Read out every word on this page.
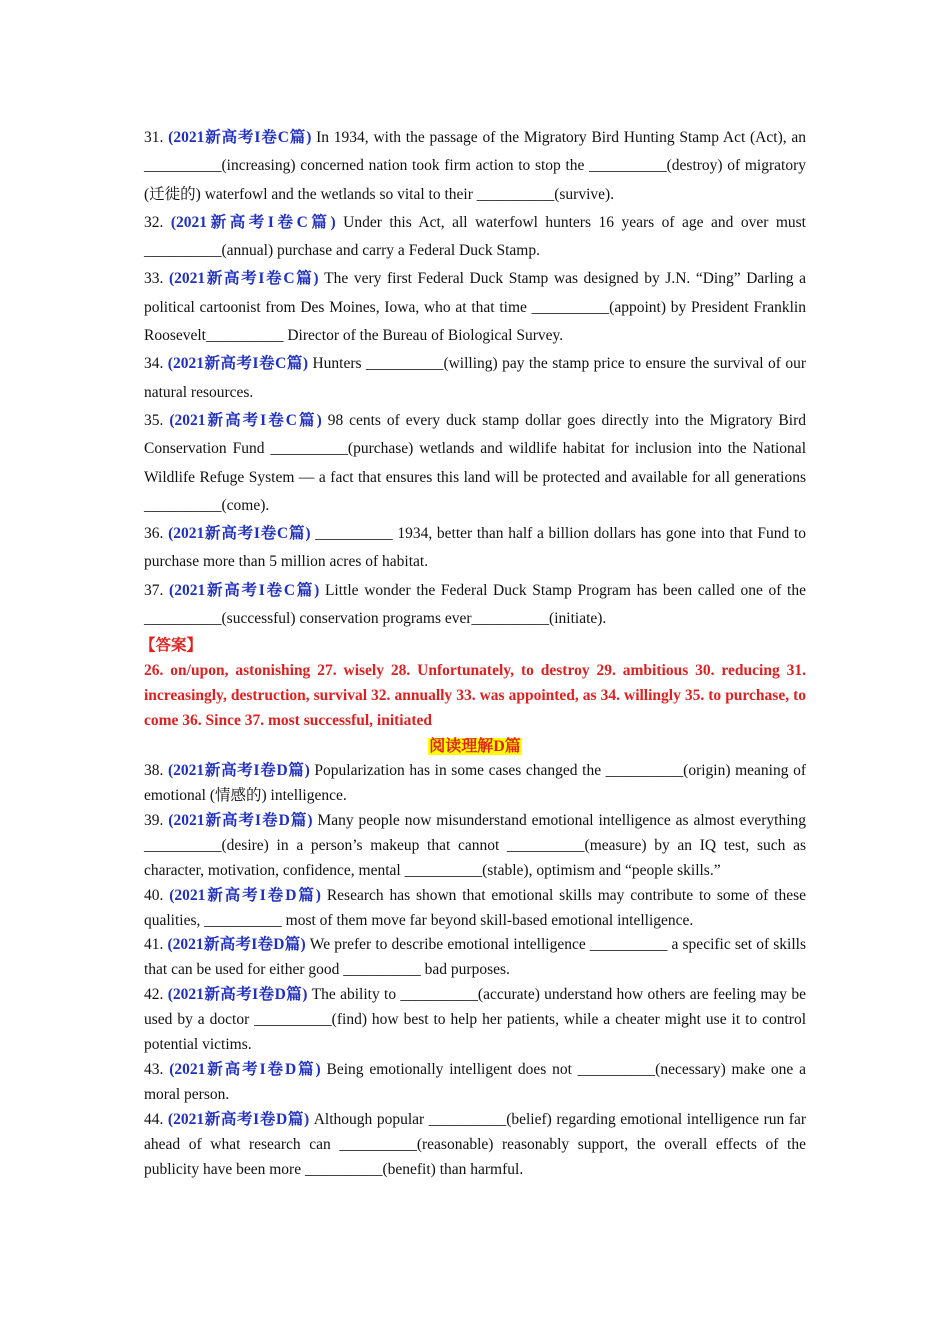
31. (2021新高考I卷C篇) In 1934, with the passage of the Migratory Bird Hunting Stamp Act (Act), an __________(increasing) concerned nation took firm action to stop the __________(destroy) of migratory (迁徙的) waterfowl and the wetlands so vital to their __________(survive).

32. (2021新高考I卷C篇) Under this Act, all waterfowl hunters 16 years of age and over must __________(annual) purchase and carry a Federal Duck Stamp.

33. (2021新高考I卷C篇) The very first Federal Duck Stamp was designed by J.N. “Ding” Darling a political cartoonist from Des Moines, Iowa, who at that time __________(appoint) by President Franklin Roosevelt__________ Director of the Bureau of Biological Survey.

34. (2021新高考I卷C篇) Hunters __________(willing) pay the stamp price to ensure the survival of our natural resources.

35. (2021新高考I卷C篇) 98 cents of every duck stamp dollar goes directly into the Migratory Bird Conservation Fund __________(purchase) wetlands and wildlife habitat for inclusion into the National Wildlife Refuge System — a fact that ensures this land will be protected and available for all generations __________(come).

36. (2021新高考I卷C篇) __________ 1934, better than half a billion dollars has gone into that Fund to purchase more than 5 million acres of habitat.

37. (2021新高考I卷C篇) Little wonder the Federal Duck Stamp Program has been called one of the __________(successful) conservation programs ever__________(initiate).

【答案】

26. on/upon, astonishing 27. wisely 28. Unfortunately, to destroy 29. ambitious 30. reducing 31. increasingly, destruction, survival 32. annually 33. was appointed, as 34. willingly 35. to purchase, to come 36. Since 37. most successful, initiated

阅读理解D篇

38. (2021新高考I卷D篇) Popularization has in some cases changed the __________(origin) meaning of emotional (情感的) intelligence.

39. (2021新高考I卷D篇) Many people now misunderstand emotional intelligence as almost everything __________(desire) in a person’s makeup that cannot __________(measure) by an IQ test, such as character, motivation, confidence, mental __________(stable), optimism and “people skills.”

40. (2021新高考I卷D篇) Research has shown that emotional skills may contribute to some of these qualities, __________ most of them move far beyond skill-based emotional intelligence.

41. (2021新高考I卷D篇) We prefer to describe emotional intelligence __________ a specific set of skills that can be used for either good __________ bad purposes.

42. (2021新高考I卷D篇) The ability to __________(accurate) understand how others are feeling may be used by a doctor __________(find) how best to help her patients, while a cheater might use it to control potential victims.

43. (2021新高考I卷D篇) Being emotionally intelligent does not __________(necessary) make one a moral person.

44. (2021新高考I卷D篇) Although popular __________(belief) regarding emotional intelligence run far ahead of what research can __________(reasonable) reasonably support, the overall effects of the publicity have been more __________(benefit) than harmful.
